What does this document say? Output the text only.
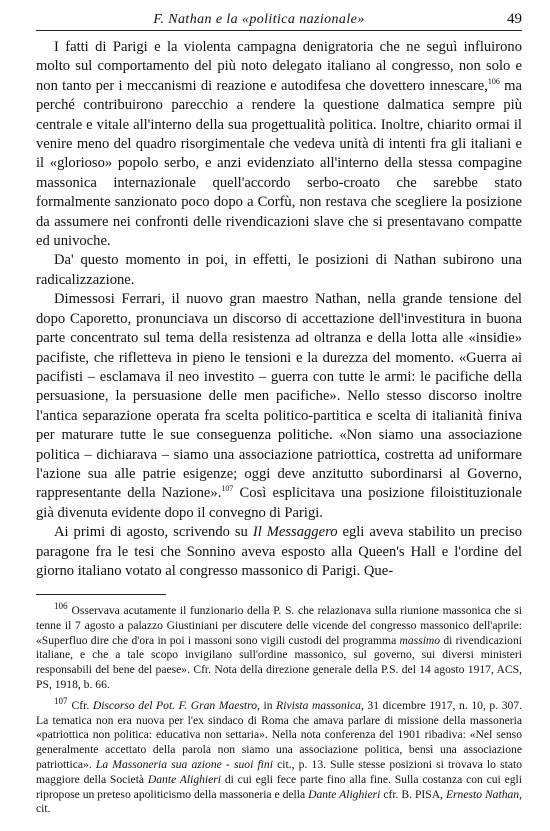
F. Nathan e la «politica nazionale»	49

I fatti di Parigi e la violenta campagna denigratoria che ne seguì influirono molto sul comportamento del più noto delegato italiano al congresso, non solo e non tanto per i meccanismi di reazione e autodifesa che dovettero innescare,$^{106}$ ma perché contribuirono parecchio a rendere la questione dalmatica sempre più centrale e vitale all'interno della sua progettualità politica. Inoltre, chiarito ormai il venire meno del quadro risorgimentale che vedeva unità di intenti fra gli italiani e il «glorioso» popolo serbo, e anzi evidenziato all'interno della stessa compagine massonica internazionale quell'accordo serbo-croato che sarebbe stato formalmente sanzionato poco dopo a Corfù, non restava che scegliere la posizione da assumere nei confronti delle rivendicazioni slave che si presentavano compatte ed univoche.

Da' questo momento in poi, in effetti, le posizioni di Nathan subirono una radicalizzazione.

Dimessosi Ferrari, il nuovo gran maestro Nathan, nella grande tensione del dopo Caporetto, pronunciava un discorso di accettazione dell'investitura in buona parte concentrato sul tema della resistenza ad oltranza e della lotta alle «insidie» pacifiste, che rifletteva in pieno le tensioni e la durezza del momento. «Guerra ai pacifisti – esclamava il neo investito – guerra con tutte le armi: le pacifiche della persuasione, la persuasione delle men pacifiche». Nello stesso discorso inoltre l'antica separazione operata fra scelta politico-partitica e scelta di italianità finiva per maturare tutte le sue conseguenza politiche. «Non siamo una associazione politica – dichiarava – siamo una associazione patriottica, costretta ad uniformare l'azione sua alle patrie esigenze; oggi deve anzitutto subordinarsi al Governo, rappresentante della Nazione».$^{107}$ Così esplicitava una posizione filoistituzionale già divenuta evidente dopo il convegno di Parigi.

Ai primi di agosto, scrivendo su Il Messaggero egli aveva stabilito un preciso paragone fra le tesi che Sonnino aveva esposto alla Queen's Hall e l'ordine del giorno italiano votato al congresso massonico di Parigi. Que-

$^{106}$ Osservava acutamente il funzionario della P. S. che relazionava sulla riunione massonica che si tenne il 7 agosto a palazzo Giustiniani per discutere delle vicende del congresso massonico dell'aprile: «Superfluo dire che d'ora in poi i massoni sono vigili custodi del programma massimo di rivendicazioni italiane, e che a tale scopo invigilano sull'ordine massonico, sul governo, sui diversi ministeri responsabili del bene del paese». Cfr. Nota della direzione generale della P.S. del 14 agosto 1917, ACS, PS, 1918, b. 66.

$^{107}$ Cfr. Discorso del Pot. F. Gran Maestro, in Rivista massonica, 31 dicembre 1917, n. 10, p. 307. La tematica non era nuova per l'ex sindaco di Roma che amava parlare di missione della massoneria «patriottica non politica: educativa non settaria». Nella nota conferenza del 1901 ribadiva: «Nel senso generalmente accettato della parola non siamo una associazione politica, bensì una associazione patriottica». La Massoneria sua azione - suoi fini cit., p. 13. Sulle stesse posizioni si trovava lo stato maggiore della Società Dante Alighieri di cui egli fece parte fino alla fine. Sulla costanza con cui egli ripropose un preteso apoliticismo della massoneria e della Dante Alighieri cfr. B. PISA, Ernesto Nathan, cit.
